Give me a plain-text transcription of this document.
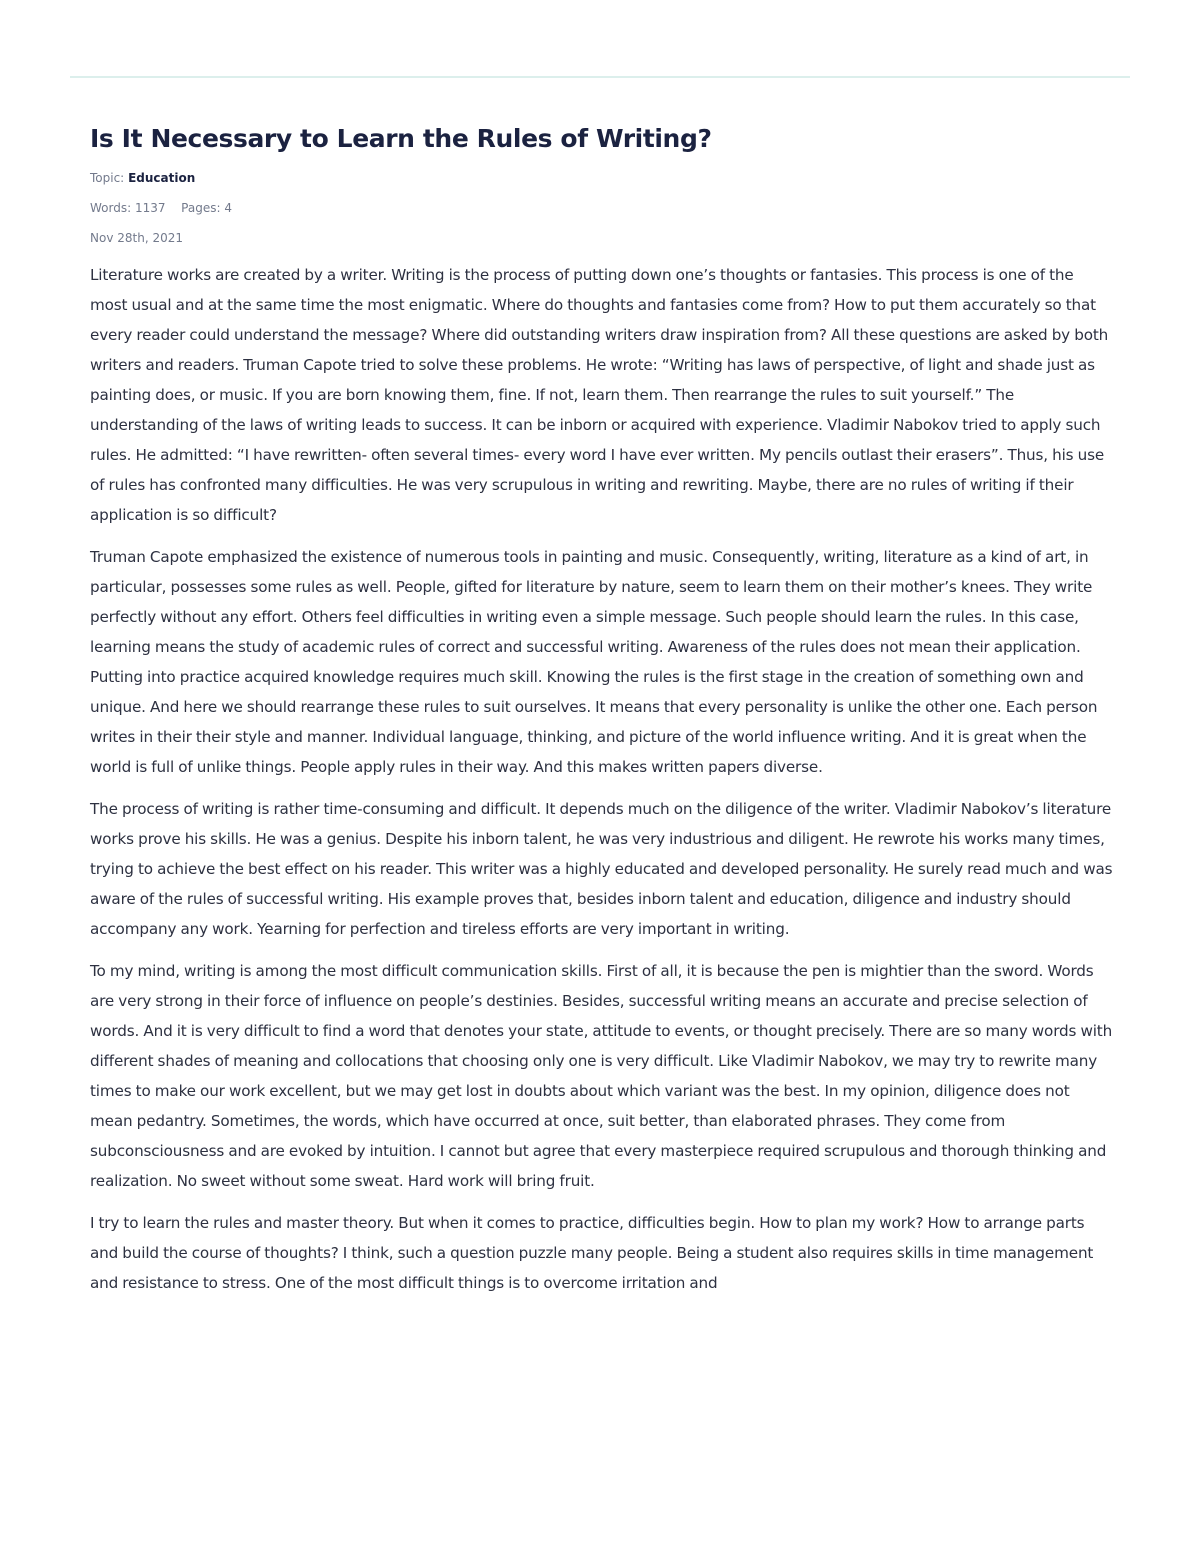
Is It Necessary to Learn the Rules of Writing?
Topic: Education
Words: 1137 Pages: 4
Nov 28th, 2021

Literature works are created by a writer. Writing is the process of putting down one’s thoughts or fantasies. This process is one of the most usual and at the same time the most enigmatic. Where do thoughts and fantasies come from? How to put them accurately so that every reader could understand the message? Where did outstanding writers draw inspiration from? All these questions are asked by both writers and readers. Truman Capote tried to solve these problems. He wrote: “Writing has laws of perspective, of light and shade just as painting does, or music. If you are born knowing them, fine. If not, learn them. Then rearrange the rules to suit yourself.” The understanding of the laws of writing leads to success. It can be inborn or acquired with experience. Vladimir Nabokov tried to apply such rules. He admitted: “I have rewritten- often several times- every word I have ever written. My pencils outlast their erasers”. Thus, his use of rules has confronted many difficulties. He was very scrupulous in writing and rewriting. Maybe, there are no rules of writing if their application is so difficult?

Truman Capote emphasized the existence of numerous tools in painting and music. Consequently, writing, literature as a kind of art, in particular, possesses some rules as well. People, gifted for literature by nature, seem to learn them on their mother’s knees. They write perfectly without any effort. Others feel difficulties in writing even a simple message. Such people should learn the rules. In this case, learning means the study of academic rules of correct and successful writing. Awareness of the rules does not mean their application. Putting into practice acquired knowledge requires much skill. Knowing the rules is the first stage in the creation of something own and unique. And here we should rearrange these rules to suit ourselves. It means that every personality is unlike the other one. Each person writes in their their style and manner. Individual language, thinking, and picture of the world influence writing. And it is great when the world is full of unlike things. People apply rules in their way. And this makes written papers diverse.

The process of writing is rather time-consuming and difficult. It depends much on the diligence of the writer. Vladimir Nabokov’s literature works prove his skills. He was a genius. Despite his inborn talent, he was very industrious and diligent. He rewrote his works many times, trying to achieve the best effect on his reader. This writer was a highly educated and developed personality. He surely read much and was aware of the rules of successful writing. His example proves that, besides inborn talent and education, diligence and industry should accompany any work. Yearning for perfection and tireless efforts are very important in writing.

To my mind, writing is among the most difficult communication skills. First of all, it is because the pen is mightier than the sword. Words are very strong in their force of influence on people’s destinies. Besides, successful writing means an accurate and precise selection of words. And it is very difficult to find a word that denotes your state, attitude to events, or thought precisely. There are so many words with different shades of meaning and collocations that choosing only one is very difficult. Like Vladimir Nabokov, we may try to rewrite many times to make our work excellent, but we may get lost in doubts about which variant was the best. In my opinion, diligence does not mean pedantry. Sometimes, the words, which have occurred at once, suit better, than elaborated phrases. They come from subconsciousness and are evoked by intuition. I cannot but agree that every masterpiece required scrupulous and thorough thinking and realization. No sweet without some sweat. Hard work will bring fruit.

I try to learn the rules and master theory. But when it comes to practice, difficulties begin. How to plan my work? How to arrange parts and build the course of thoughts? I think, such a question puzzle many people. Being a student also requires skills in time management and resistance to stress. One of the most difficult things is to overcome irritation and
